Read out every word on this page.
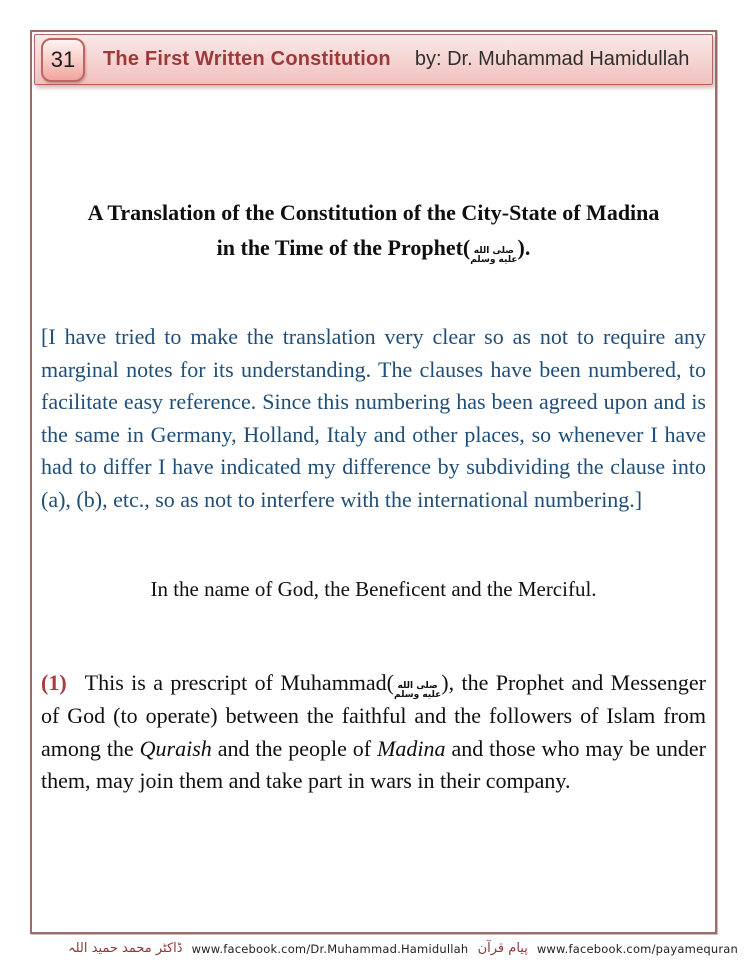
31 The First Written Constitution by: Dr. Muhammad Hamidullah
A Translation of the Constitution of the City-State of Madina
in the Time of the Prophet( صلى الله
عليه وسلم ).

[I have tried to make the translation very clear so as not to require any marginal notes for its understanding. The clauses have been numbered, to facilitate easy reference. Since this numbering has been agreed upon and is the same in Germany, Holland, Italy and other places, so whenever I have had to differ I have indicated my difference by subdividing the clause into (a), (b), etc., so as not to interfere with the international numbering.]

In the name of God, the Beneficent and the Merciful.

(1) This is a prescript of Muhammad( صلى الله
عليه وسلم ), the Prophet and Messenger of God (to operate) between the faithful and the followers of Islam from among the Quraish and the people of Madina and those who may be under them, may join them and take part in wars in their company.

ڈاکٹر محمد حمید اللہ www.facebook.com/Dr.Muhammad.Hamidullah پیام قرآن www.facebook.com/payamequran
